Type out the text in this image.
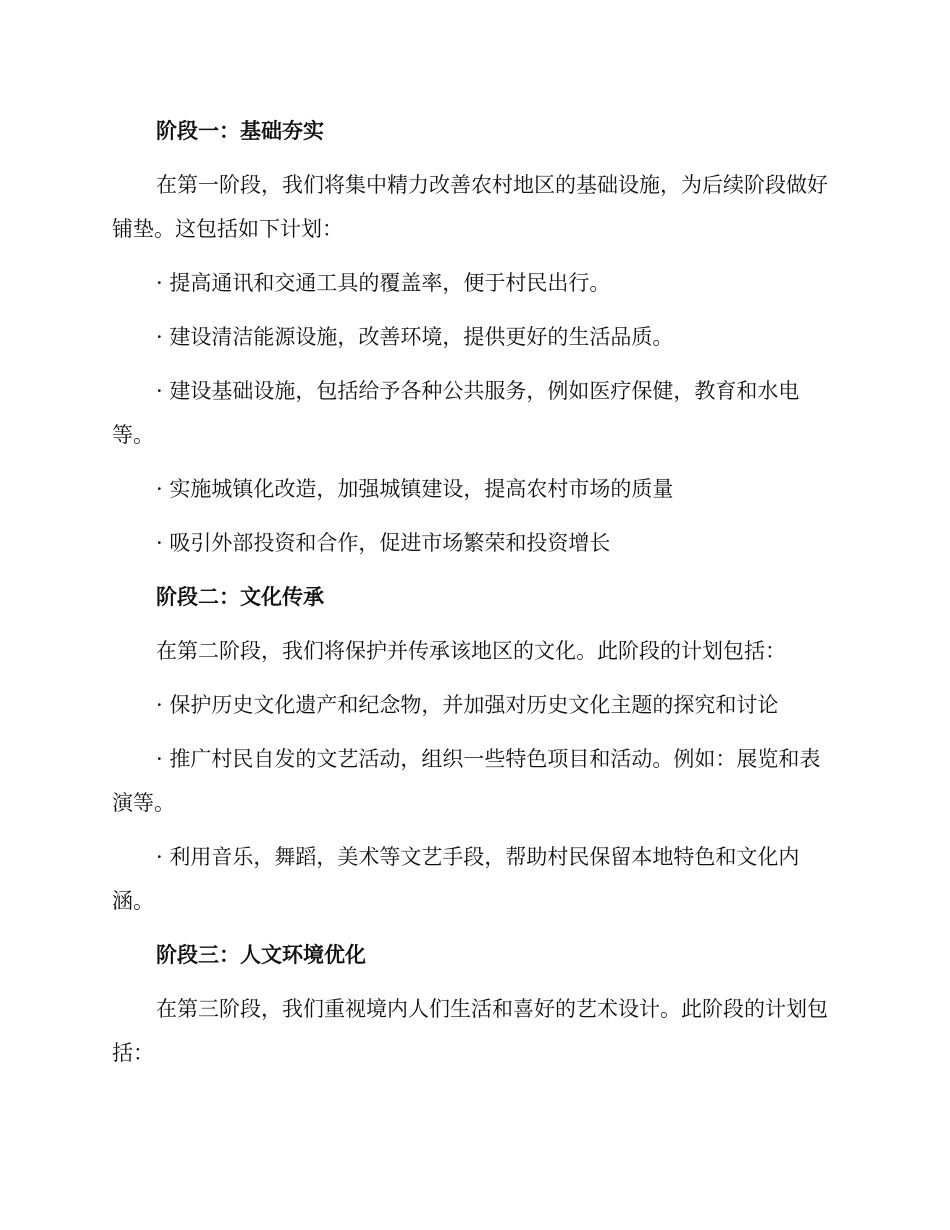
阶段一：基础夯实

在第一阶段，我们将集中精力改善农村地区的基础设施，为后续阶段做好铺垫。这包括如下计划：

· 提高通讯和交通工具的覆盖率，便于村民出行。

· 建设清洁能源设施，改善环境，提供更好的生活品质。

· 建设基础设施，包括给予各种公共服务，例如医疗保健，教育和水电等。

· 实施城镇化改造，加强城镇建设，提高农村市场的质量

· 吸引外部投资和合作，促进市场繁荣和投资增长

阶段二：文化传承

在第二阶段，我们将保护并传承该地区的文化。此阶段的计划包括：

· 保护历史文化遗产和纪念物，并加强对历史文化主题的探究和讨论

· 推广村民自发的文艺活动，组织一些特色项目和活动。例如：展览和表演等。

· 利用音乐，舞蹈，美术等文艺手段，帮助村民保留本地特色和文化内涵。

阶段三：人文环境优化

在第三阶段，我们重视境内人们生活和喜好的艺术设计。此阶段的计划包括：
